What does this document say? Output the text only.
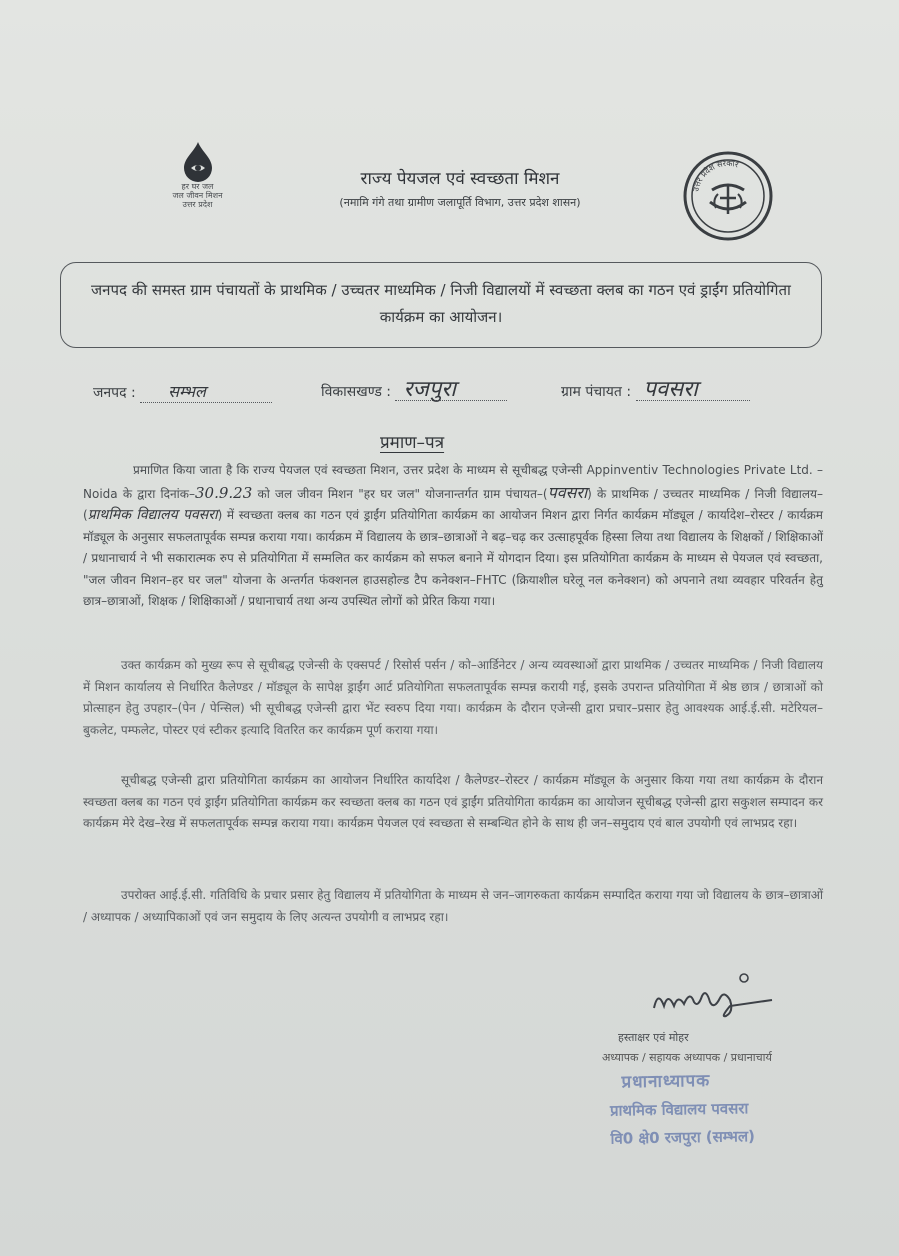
हर घर जल
जल जीवन मिशन
उत्तर प्रदेश
राज्य पेयजल एवं स्वच्छता मिशन
(नमामि गंगे तथा ग्रामीण जलापूर्ति विभाग, उत्तर प्रदेश शासन)
उत्तर प्रदेश सरकार
जनपद की समस्त ग्राम पंचायतों के प्राथमिक / उच्चतर माध्यमिक / निजी विद्यालयों में स्वच्छता क्लब का गठन एवं ड्राईंग प्रतियोगिता कार्यक्रम का आयोजन।
जनपद : सम्भल	विकासखण्ड : रजपुरा	ग्राम पंचायत : पवसरा
प्रमाण–पत्र
प्रमाणित किया जाता है कि राज्य पेयजल एवं स्वच्छता मिशन, उत्तर प्रदेश के माध्यम से सूचीबद्ध एजेन्सी Appinventiv Technologies Private Ltd. – Noida के द्वारा दिनांक–30.9.23 को जल जीवन मिशन "हर घर जल" योजनान्तर्गत ग्राम पंचायत–(पवसरा) के प्राथमिक / उच्चतर माध्यमिक / निजी विद्यालय–(प्राथमिक विद्यालय पवसरा) में स्वच्छता क्लब का गठन एवं ड्राईंग प्रतियोगिता कार्यक्रम का आयोजन मिशन द्वारा निर्गत कार्यक्रम मॉड्यूल / कार्यादेश–रोस्टर / कार्यक्रम मॉड्यूल के अनुसार सफलतापूर्वक सम्पन्न कराया गया। कार्यक्रम में विद्यालय के छात्र–छात्राओं ने बढ़–चढ़ कर उत्साहपूर्वक हिस्सा लिया तथा विद्यालय के शिक्षकों / शिक्षिकाओं / प्रधानाचार्य ने भी सकारात्मक रुप से प्रतियोगिता में सम्मलित कर कार्यक्रम को सफल बनाने में योगदान दिया। इस प्रतियोगिता कार्यक्रम के माध्यम से पेयजल एवं स्वच्छता, "जल जीवन मिशन–हर घर जल" योजना के अन्तर्गत फंक्शनल हाउसहोल्ड टैप कनेक्शन–FHTC (क्रियाशील घरेलू नल कनेक्शन) को अपनाने तथा व्यवहार परिवर्तन हेतु छात्र–छात्राओं, शिक्षक / शिक्षिकाओं / प्रधानाचार्य तथा अन्य उपस्थित लोगों को प्रेरित किया गया।
उक्त कार्यक्रम को मुख्य रूप से सूचीबद्ध एजेन्सी के एक्सपर्ट / रिसोर्स पर्सन / को–आर्डिनेटर / अन्य व्यवस्थाओं द्वारा प्राथमिक / उच्चतर माध्यमिक / निजी विद्यालय में मिशन कार्यालय से निर्धारित कैलेण्डर / मॉड्यूल के सापेक्ष ड्राईंग आर्ट प्रतियोगिता सफलतापूर्वक सम्पन्न करायी गई, इसके उपरान्त प्रतियोगिता में श्रेष्ठ छात्र / छात्राओं को प्रोत्साहन हेतु उपहार–(पेन / पेन्सिल) भी सूचीबद्ध एजेन्सी द्वारा भेंट स्वरुप दिया गया। कार्यक्रम के दौरान एजेन्सी द्वारा प्रचार–प्रसार हेतु आवश्यक आई.ई.सी. मटेरियल–बुकलेट, पम्फलेट, पोस्टर एवं स्टीकर इत्यादि वितरित कर कार्यक्रम पूर्ण कराया गया।
सूचीबद्ध एजेन्सी द्वारा प्रतियोगिता कार्यक्रम का आयोजन निर्धारित कार्यादेश / कैलेण्डर–रोस्टर / कार्यक्रम मॉड्यूल के अनुसार किया गया तथा कार्यक्रम के दौरान स्वच्छता क्लब का गठन एवं ड्राईंग प्रतियोगिता कार्यक्रम कर स्वच्छता क्लब का गठन एवं ड्राईंग प्रतियोगिता कार्यक्रम का आयोजन सूचीबद्ध एजेन्सी द्वारा सकुशल सम्पादन कर कार्यक्रम मेरे देख–रेख में सफलतापूर्वक सम्पन्न कराया गया। कार्यक्रम पेयजल एवं स्वच्छता से सम्बन्धित होने के साथ ही जन–समुदाय एवं बाल उपयोगी एवं लाभप्रद रहा।
उपरोक्त आई.ई.सी. गतिविधि के प्रचार प्रसार हेतु विद्यालय में प्रतियोगिता के माध्यम से जन–जागरुकता कार्यक्रम सम्पादित कराया गया जो विद्यालय के छात्र–छात्राओं / अध्यापक / अध्यापिकाओं एवं जन समुदाय के लिए अत्यन्त उपयोगी व लाभप्रद रहा।
हस्ताक्षर एवं मोहर
अध्यापक / सहायक अध्यापक / प्रधानाचार्य
प्रधानाध्यापक
प्राथमिक विद्यालय पवसरा
वि0 क्षे0 रजपुरा (सम्भल)
